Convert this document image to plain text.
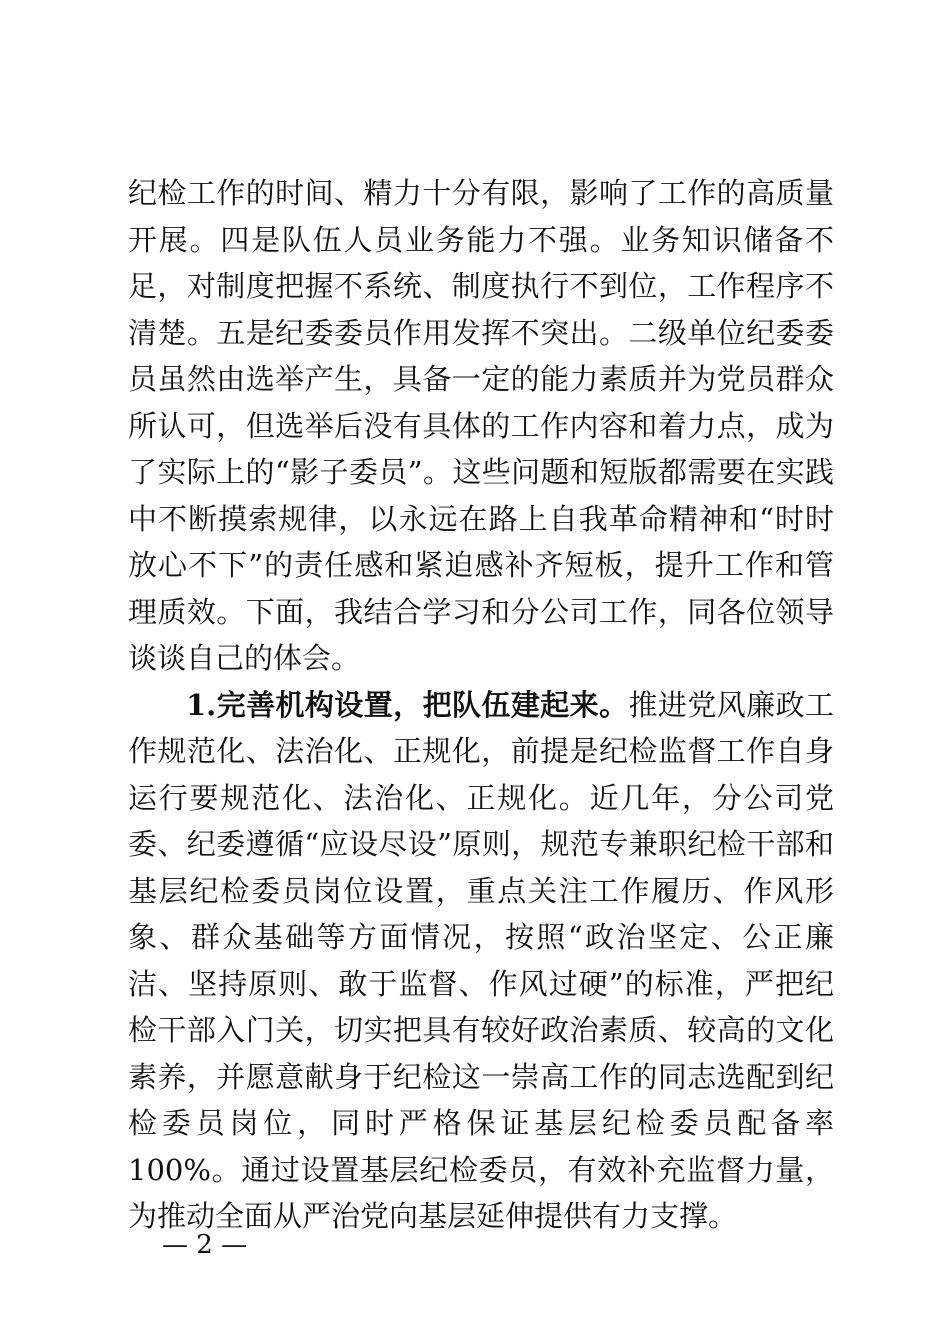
纪检工作的时间、精力十分有限，影响了工作的高质量开展。四是队伍人员业务能力不强。业务知识储备不足，对制度把握不系统、制度执行不到位，工作程序不清楚。五是纪委委员作用发挥不突出。二级单位纪委委员虽然由选举产生，具备一定的能力素质并为党员群众所认可，但选举后没有具体的工作内容和着力点，成为了实际上的“影子委员”。这些问题和短版都需要在实践中不断摸索规律，以永远在路上自我革命精神和“时时放心不下”的责任感和紧迫感补齐短板，提升工作和管理质效。下面，我结合学习和分公司工作，同各位领导谈谈自己的体会。

1.完善机构设置，把队伍建起来。推进党风廉政工作规范化、法治化、正规化，前提是纪检监督工作自身运行要规范化、法治化、正规化。近几年，分公司党委、纪委遵循“应设尽设”原则，规范专兼职纪检干部和基层纪检委员岗位设置，重点关注工作履历、作风形象、群众基础等方面情况，按照“政治坚定、公正廉洁、坚持原则、敢于监督、作风过硬”的标准，严把纪检干部入门关，切实把具有较好政治素质、较高的文化素养，并愿意献身于纪检这一崇高工作的同志选配到纪检委员岗位，同时严格保证基层纪检委员配备率100%。通过设置基层纪检委员，有效补充监督力量，为推动全面从严治党向基层延伸提供有力支撑。

— 2 —
